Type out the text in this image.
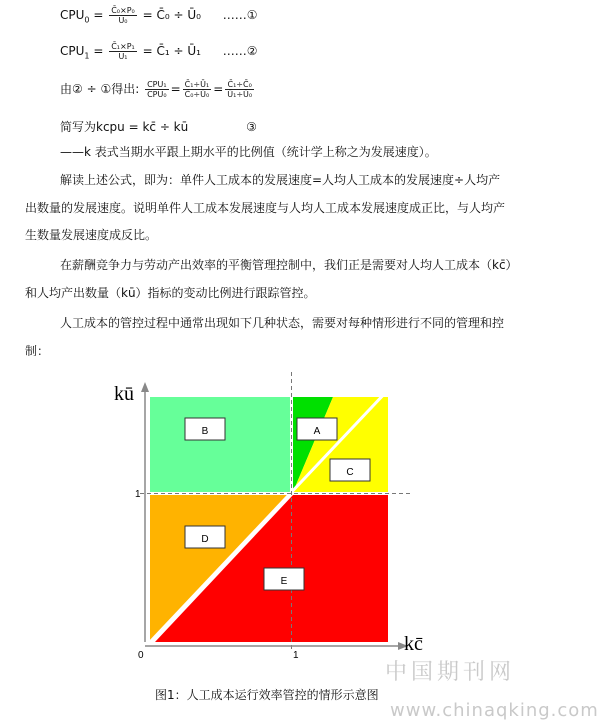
$CPU_0 = \frac{\text{C̄₀×P₀}}{\text{U₀}}$ = C̄₀ ÷ Ū₀ ……①
$CPU_1 = \frac{\text{C̄₁×P₁}}{\text{U₁}}$ = C̄₁ ÷ Ū₁ ……②
由② ÷ ①得出: $\frac{\text{CPU₁}}{\text{CPU₀}} = \frac{\text{C̄₁÷Ū₁}}{\text{C̄₀÷Ū₀}} = \frac{\text{C̄₁÷C̄₀}}{\text{Ū₁÷Ū₀}}$
简写为kcpu = kc̄ ÷ kū	③
——k 表式当期水平跟上期水平的比例值（统计学上称之为发展速度）。
解读上述公式，即为：单件人工成本的发展速度=人均人工成本的发展速度÷人均产
出数量的发展速度。说明单件人工成本发展速度与人均人工成本发展速度成正比，与人均产
生数量发展速度成反比。
在薪酬竞争力与劳动产出效率的平衡管理控制中，我们正是需要对人均人工成本（kc̄）
和人均产出数量（kū）指标的变动比例进行跟踪管控。
人工成本的管控过程中通常出现如下几种状态，需要对每种情形进行不同的管理和控
制：
B	A
C
D
E
kū
kc̄
1
1
0
中国期刊网
www.chinaqking.com
图1：人工成本运行效率管控的情形示意图
